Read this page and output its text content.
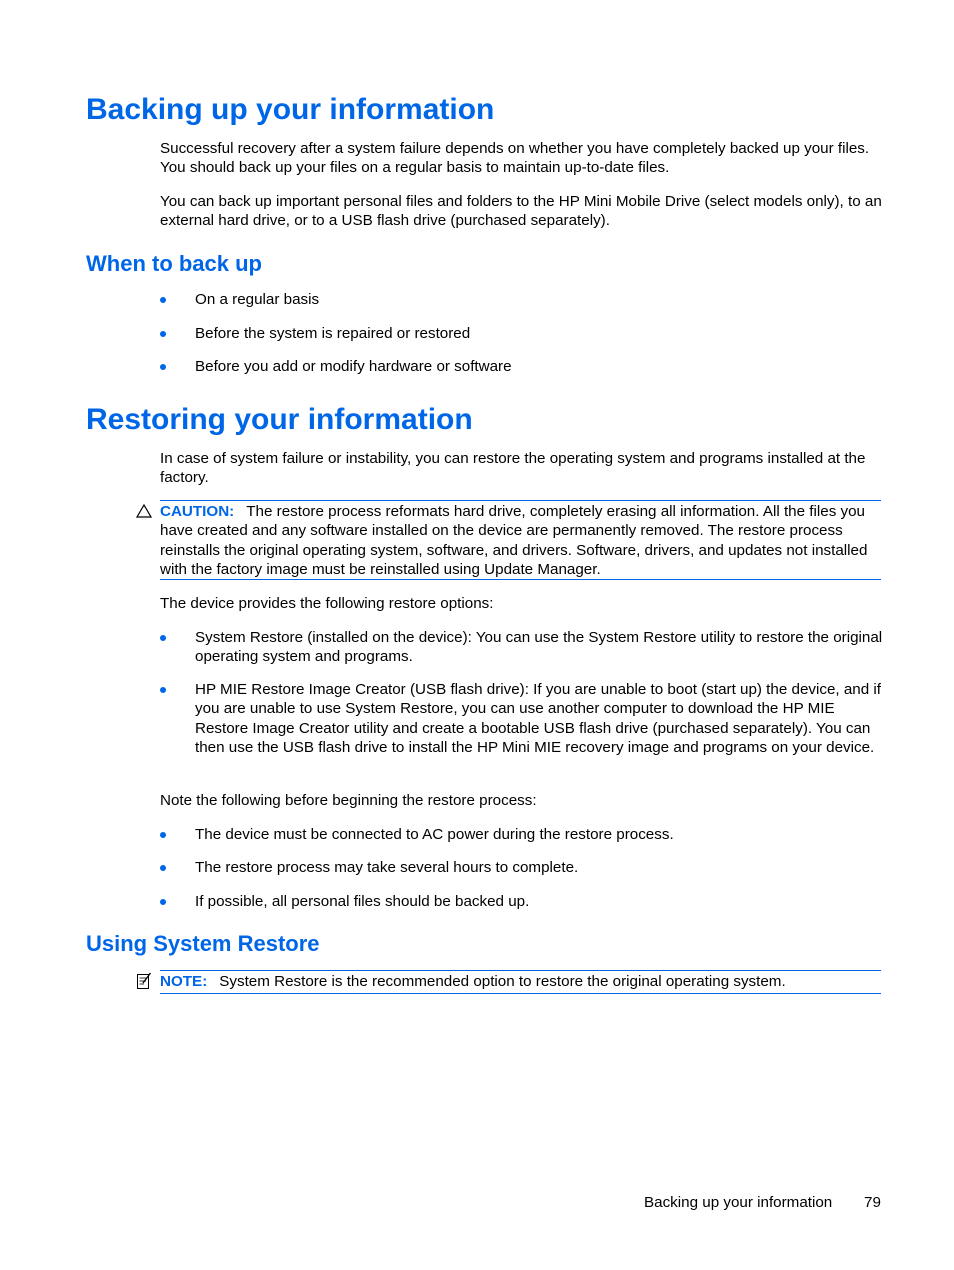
Backing up your information

Successful recovery after a system failure depends on whether you have completely backed up your files. You should back up your files on a regular basis to maintain up-to-date files.

You can back up important personal files and folders to the HP Mini Mobile Drive (select models only), to an external hard drive, or to a USB flash drive (purchased separately).

When to back up
On a regular basis
Before the system is repaired or restored
Before you add or modify hardware or software
Restoring your information

In case of system failure or instability, you can restore the operating system and programs installed at the factory.

CAUTION: The restore process reformats hard drive, completely erasing all information. All the files you have created and any software installed on the device are permanently removed. The restore process reinstalls the original operating system, software, and drivers. Software, drivers, and updates not installed with the factory image must be reinstalled using Update Manager.

The device provides the following restore options:

System Restore (installed on the device): You can use the System Restore utility to restore the original operating system and programs.
HP MIE Restore Image Creator (USB flash drive): If you are unable to boot (start up) the device, and if you are unable to use System Restore, you can use another computer to download the HP MIE Restore Image Creator utility and create a bootable USB flash drive (purchased separately). You can then use the USB flash drive to install the HP Mini MIE recovery image and programs on your device.

Note the following before beginning the restore process:

The device must be connected to AC power during the restore process.
The restore process may take several hours to complete.
If possible, all personal files should be backed up.
Using System Restore
NOTE: System Restore is the recommended option to restore the original operating system.
Backing up your information 79
